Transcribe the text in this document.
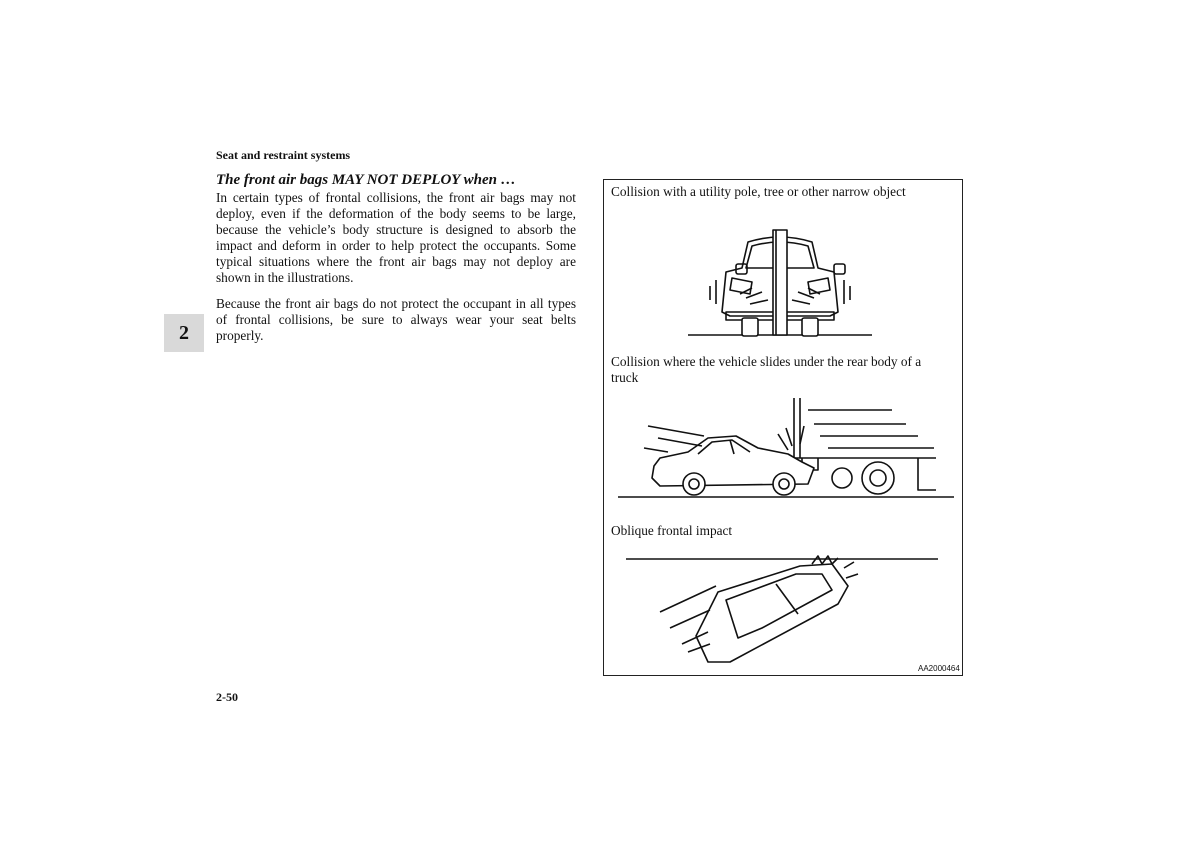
Seat and restraint systems
The front air bags MAY NOT DEPLOY when …

In certain types of frontal collisions, the front air bags may not deploy, even if the deformation of the body seems to be large, because the vehicle’s body structure is designed to absorb the impact and deform in order to help protect the occupants. Some typical situations where the front air bags may not deploy are shown in the illustrations.

Because the front air bags do not protect the occupant in all types of frontal collisions, be sure to always wear your seat belts properly.

2
2-50
Collision with a utility pole, tree or other narrow object
Collision where the vehicle slides under the rear body of a truck
Oblique frontal impact
AA2000464
